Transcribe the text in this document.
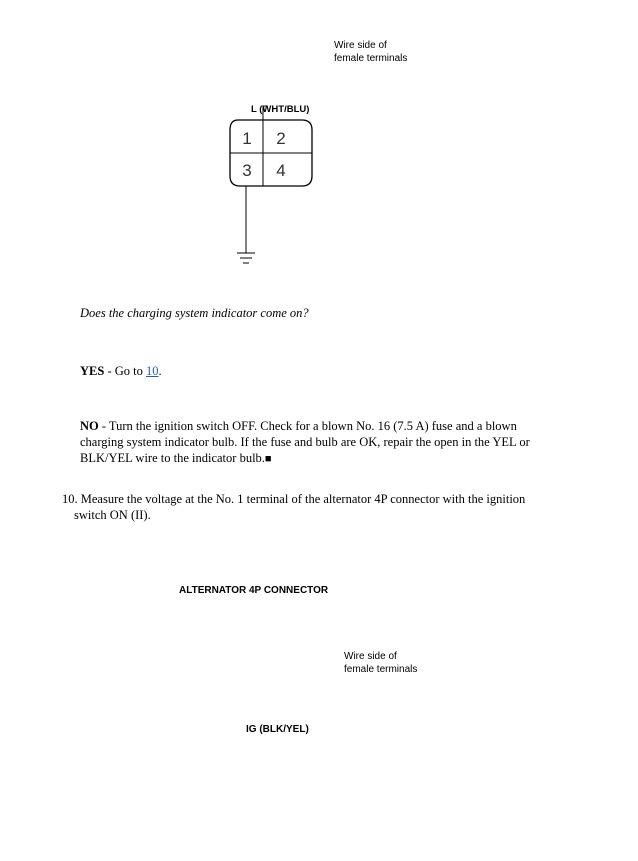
Wire side of
female terminals
1 2
3 4
L (WHT/BLU)
Does the charging system indicator come on?
YES - Go to 10.
NO - Turn the ignition switch OFF. Check for a blown No. 16 (7.5 A) fuse and a blown
charging system indicator bulb. If the fuse and bulb are OK, repair the open in the YEL or
BLK/YEL wire to the indicator bulb.■
10. Measure the voltage at the No. 1 terminal of the alternator 4P connector with the ignition
switch ON (II).
ALTERNATOR 4P CONNECTOR
Wire side of
female terminals
IG (BLK/YEL)
